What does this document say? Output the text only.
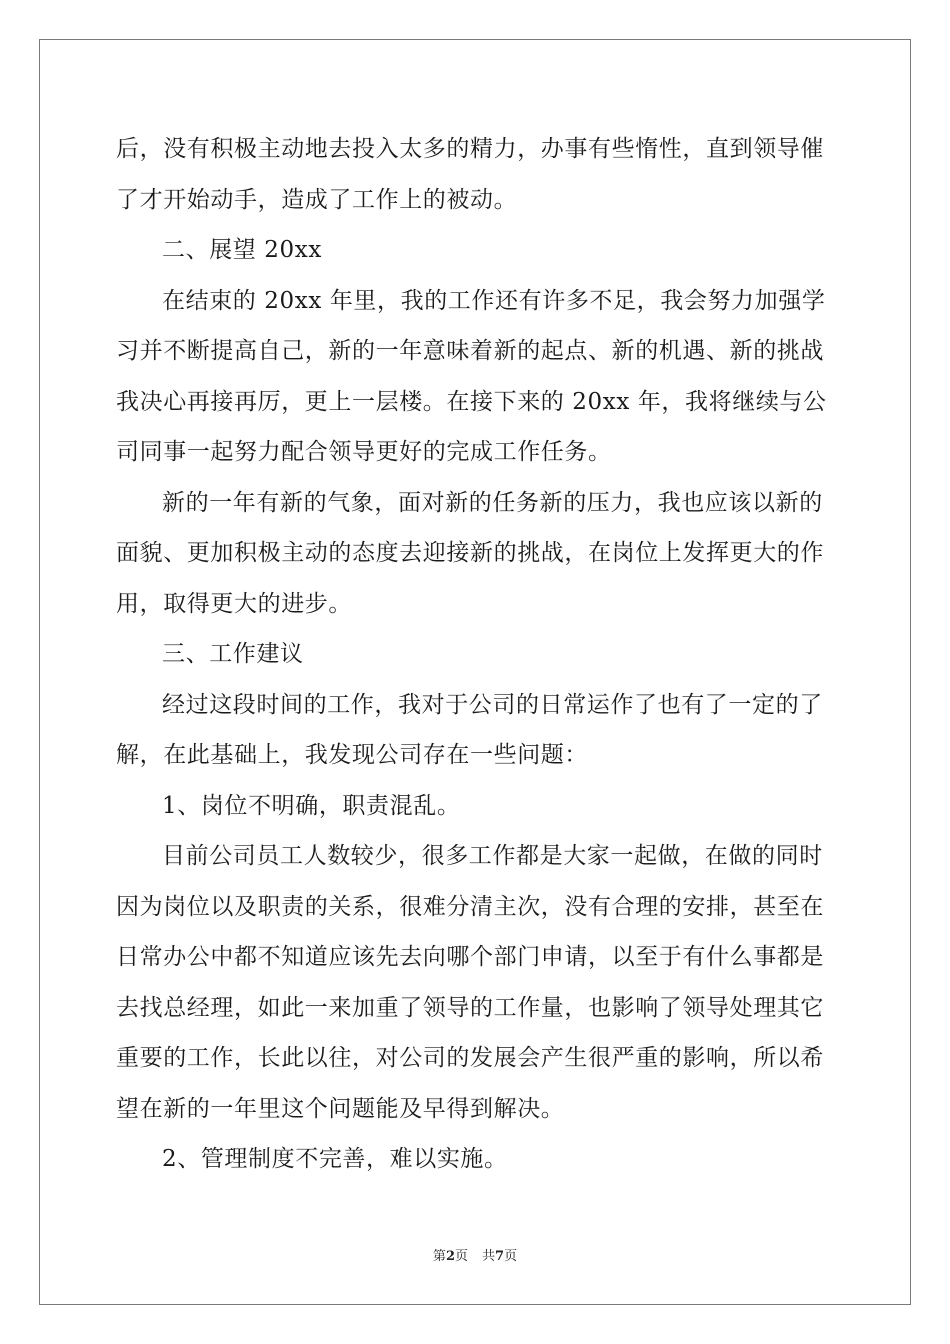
后，没有积极主动地去投入太多的精力，办事有些惰性，直到领导催
了才开始动手，造成了工作上的被动。
二、展望 20xx
在结束的 20xx 年里，我的工作还有许多不足，我会努力加强学
习并不断提高自己，新的一年意味着新的起点、新的机遇、新的挑战
我决心再接再厉，更上一层楼。在接下来的 20xx 年，我将继续与公
司同事一起努力配合领导更好的完成工作任务。
新的一年有新的气象，面对新的任务新的压力，我也应该以新的
面貌、更加积极主动的态度去迎接新的挑战，在岗位上发挥更大的作
用，取得更大的进步。
三、工作建议
经过这段时间的工作，我对于公司的日常运作了也有了一定的了
解，在此基础上，我发现公司存在一些问题：
1、岗位不明确，职责混乱。
目前公司员工人数较少，很多工作都是大家一起做，在做的同时
因为岗位以及职责的关系，很难分清主次，没有合理的安排，甚至在
日常办公中都不知道应该先去向哪个部门申请，以至于有什么事都是
去找总经理，如此一来加重了领导的工作量，也影响了领导处理其它
重要的工作，长此以往，对公司的发展会产生很严重的影响，所以希
望在新的一年里这个问题能及早得到解决。
2、管理制度不完善，难以实施。
第2页 共7页
